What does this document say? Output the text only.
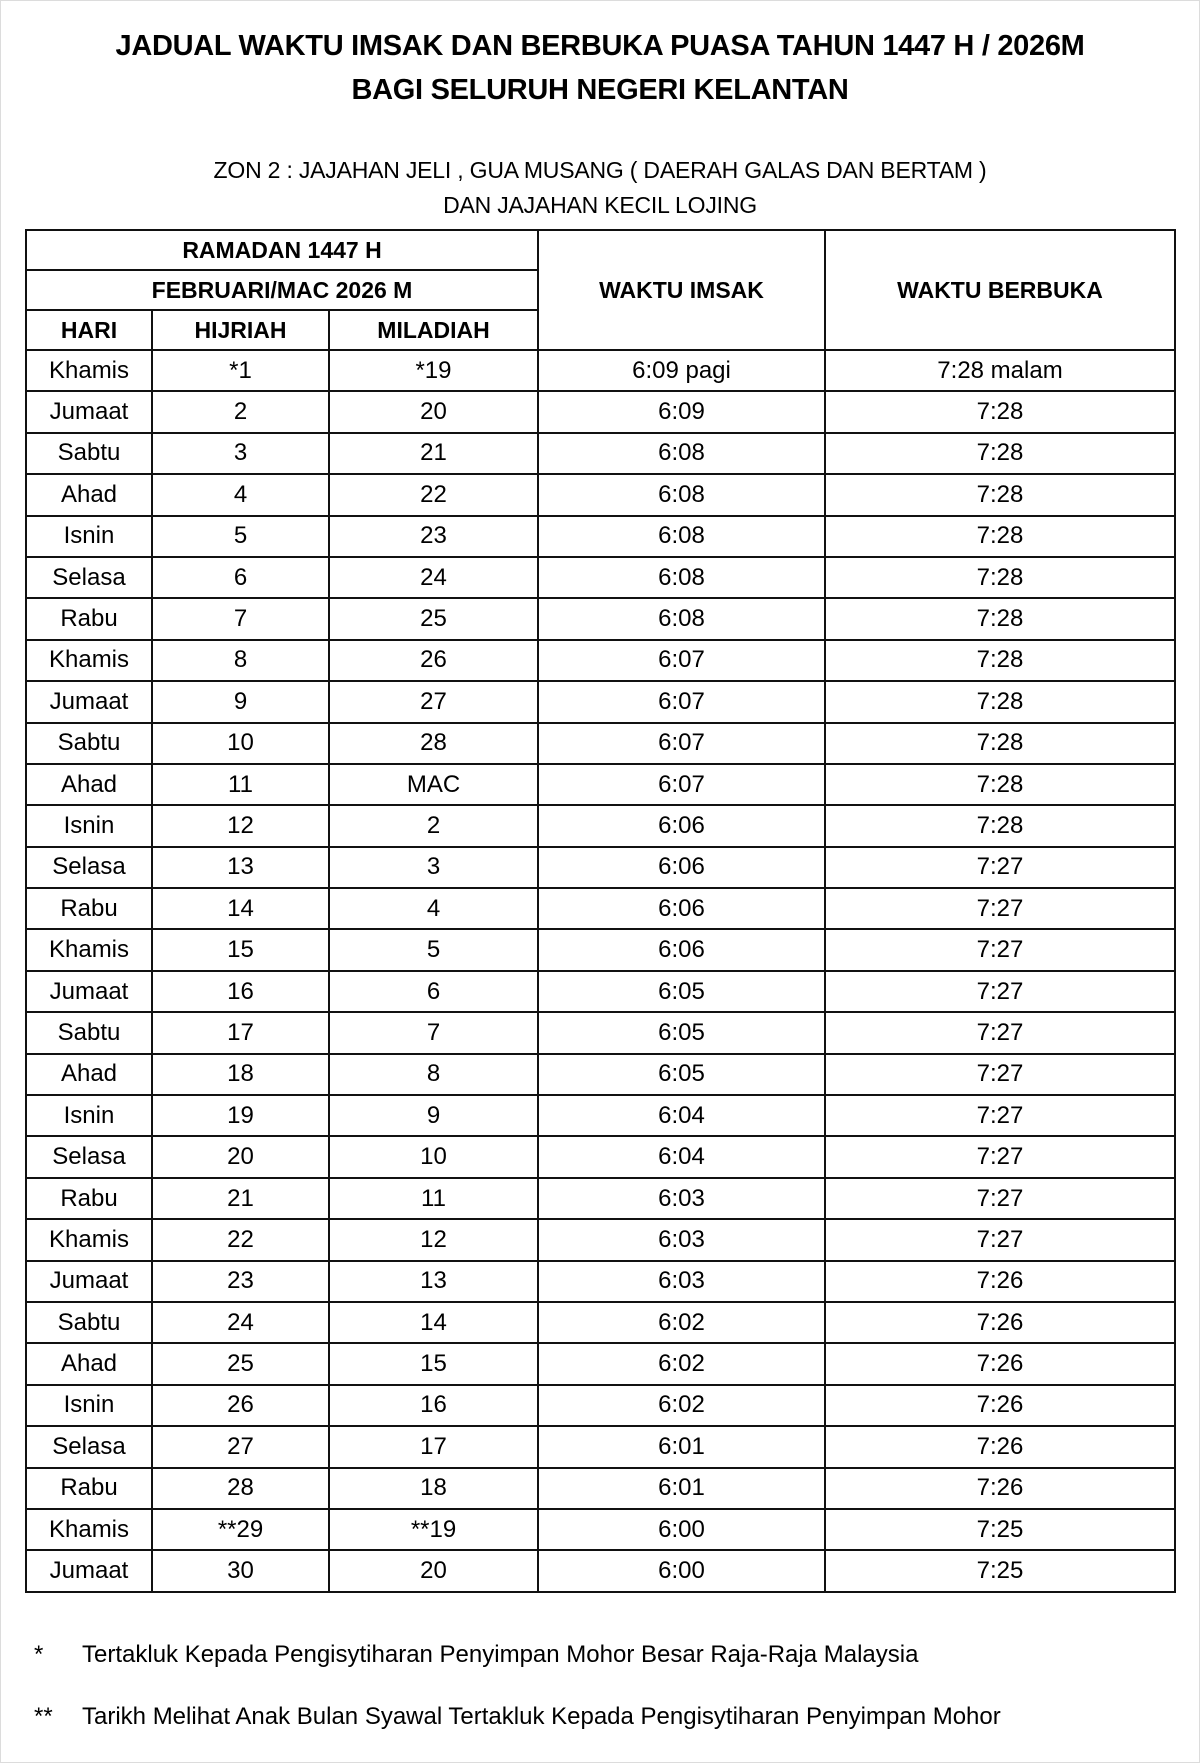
JADUAL WAKTU IMSAK DAN BERBUKA PUASA TAHUN 1447 H / 2026M
BAGI SELURUH NEGERI KELANTAN
ZON 2 : JAJAHAN JELI , GUA MUSANG ( DAERAH GALAS DAN BERTAM )
DAN JAJAHAN KECIL LOJING
RAMADAN 1447 H			WAKTU IMSAK	WAKTU BERBUKA
FEBRUARI/MAC 2026 M				
HARI	HIJRIAH	MILADIAH		
Khamis	*1	*19	6:09 pagi	7:28 malam
Jumaat	2	20	6:09	7:28
Sabtu	3	21	6:08	7:28
Ahad	4	22	6:08	7:28
Isnin	5	23	6:08	7:28
Selasa	6	24	6:08	7:28
Rabu	7	25	6:08	7:28
Khamis	8	26	6:07	7:28
Jumaat	9	27	6:07	7:28
Sabtu	10	28	6:07	7:28
Ahad	11	MAC	6:07	7:28
Isnin	12	2	6:06	7:28
Selasa	13	3	6:06	7:27
Rabu	14	4	6:06	7:27
Khamis	15	5	6:06	7:27
Jumaat	16	6	6:05	7:27
Sabtu	17	7	6:05	7:27
Ahad	18	8	6:05	7:27
Isnin	19	9	6:04	7:27
Selasa	20	10	6:04	7:27
Rabu	21	11	6:03	7:27
Khamis	22	12	6:03	7:27
Jumaat	23	13	6:03	7:26
Sabtu	24	14	6:02	7:26
Ahad	25	15	6:02	7:26
Isnin	26	16	6:02	7:26
Selasa	27	17	6:01	7:26
Rabu	28	18	6:01	7:26
Khamis	**29	**19	6:00	7:25
Jumaat	30	20	6:00	7:25
* Tertakluk Kepada Pengisytiharan Penyimpan Mohor Besar Raja-Raja Malaysia
** Tarikh Melihat Anak Bulan Syawal Tertakluk Kepada Pengisytiharan Penyimpan Mohor
